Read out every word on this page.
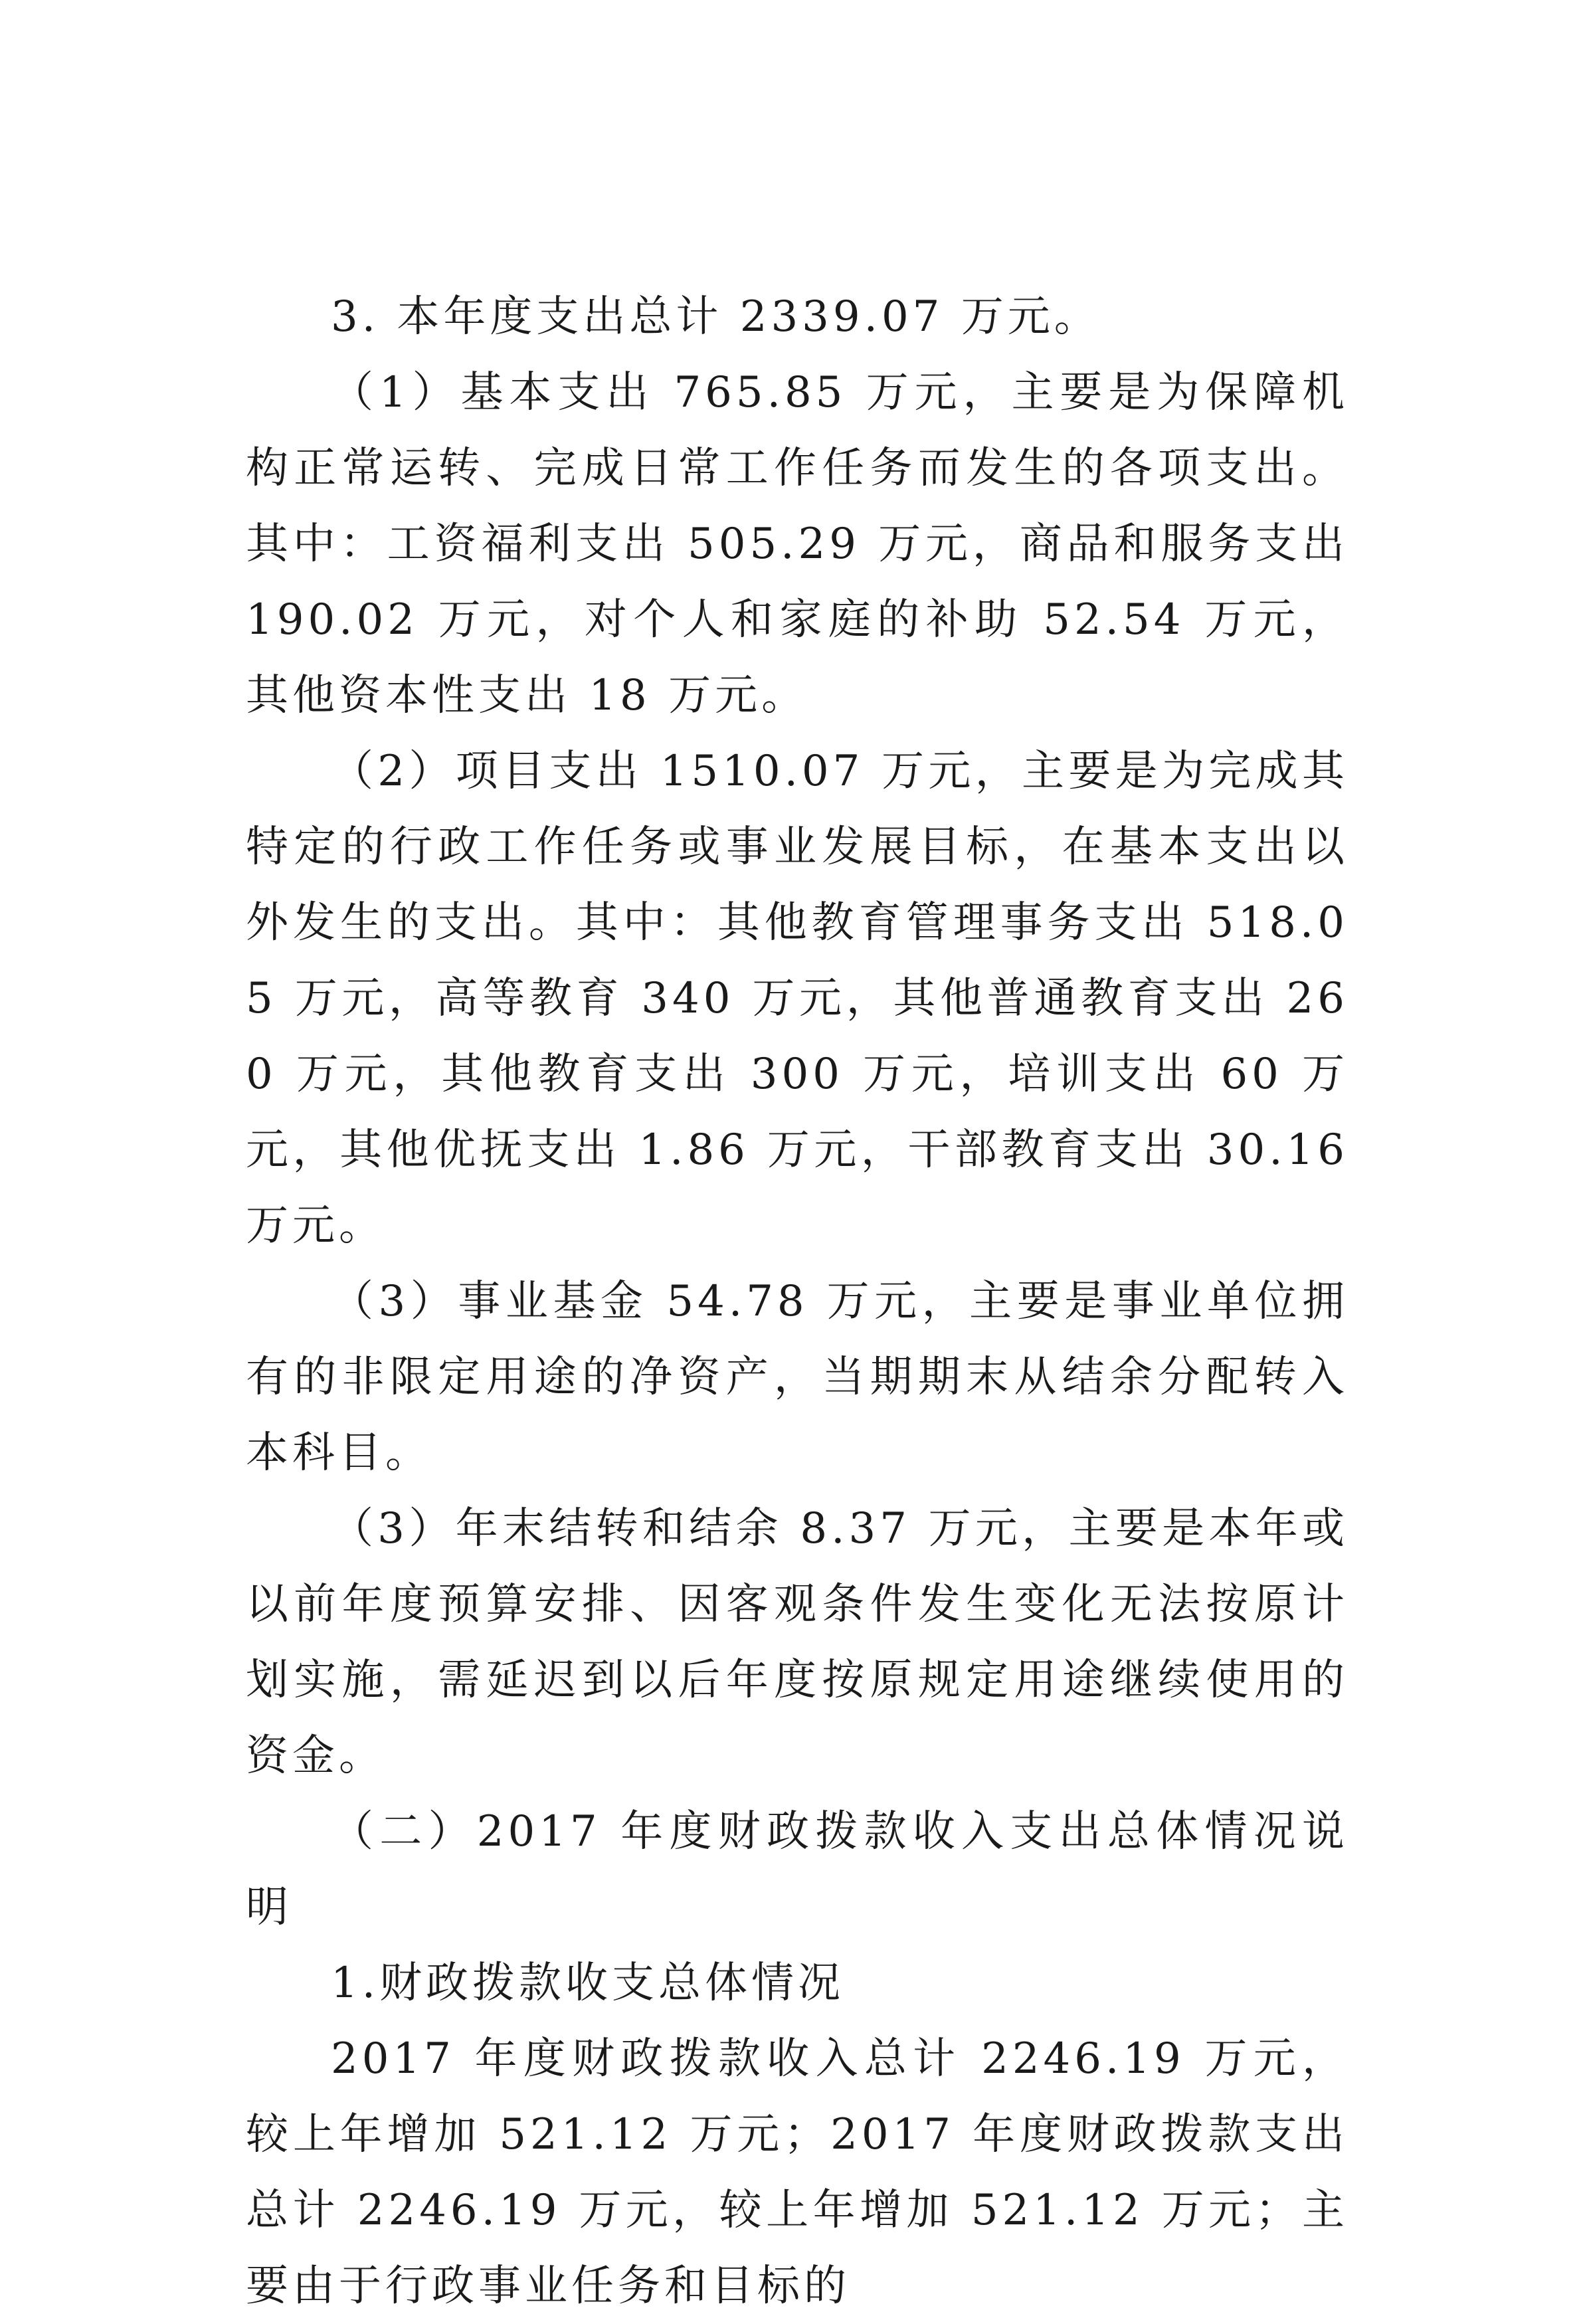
3. 本年度支出总计 2339.07 万元。

（1）基本支出 765.85 万元，主要是为保障机构正常运转、完成日常工作任务而发生的各项支出。其中：工资福利支出 505.29 万元，商品和服务支出 190.02 万元，对个人和家庭的补助 52.54 万元，其他资本性支出 18 万元。

（2）项目支出 1510.07 万元，主要是为完成其特定的行政工作任务或事业发展目标，在基本支出以外发生的支出。其中：其他教育管理事务支出 518.05 万元，高等教育 340 万元，其他普通教育支出 260 万元，其他教育支出 300 万元，培训支出 60 万元，其他优抚支出 1.86 万元，干部教育支出 30.16 万元。

（3）事业基金 54.78 万元，主要是事业单位拥有的非限定用途的净资产，当期期末从结余分配转入本科目。

（3）年末结转和结余 8.37 万元，主要是本年或以前年度预算安排、因客观条件发生变化无法按原计划实施，需延迟到以后年度按原规定用途继续使用的资金。

（二）2017 年度财政拨款收入支出总体情况说明

1.财政拨款收支总体情况

2017 年度财政拨款收入总计 2246.19 万元，较上年增加 521.12 万元；2017 年度财政拨款支出总计 2246.19 万元，较上年增加 521.12 万元；主要由于行政事业任务和目标的
